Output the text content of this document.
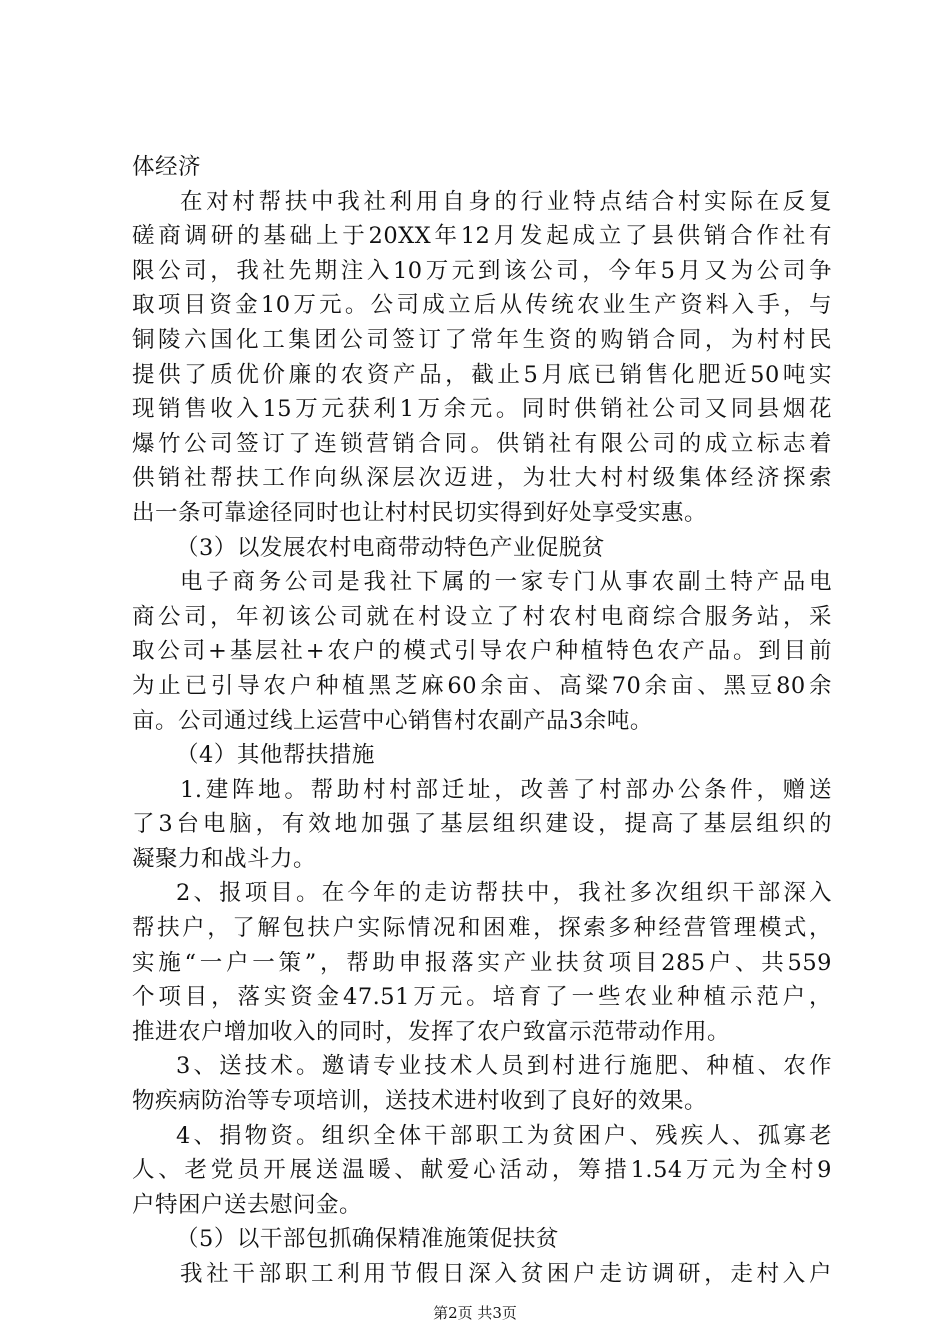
体经济
在对村帮扶中我社利用自身的行业特点结合村实际在反复
磋商调研的基础上于20XX年12月发起成立了县供销合作社有
限公司，我社先期注入10万元到该公司，今年5月又为公司争
取项目资金10万元。公司成立后从传统农业生产资料入手，与
铜陵六国化工集团公司签订了常年生资的购销合同，为村村民
提供了质优价廉的农资产品，截止5月底已销售化肥近50吨实
现销售收入15万元获利1万余元。同时供销社公司又同县烟花
爆竹公司签订了连锁营销合同。供销社有限公司的成立标志着
供销社帮扶工作向纵深层次迈进，为壮大村村级集体经济探索
出一条可靠途径同时也让村村民切实得到好处享受实惠。
（3）以发展农村电商带动特色产业促脱贫
电子商务公司是我社下属的一家专门从事农副土特产品电
商公司，年初该公司就在村设立了村农村电商综合服务站，采
取公司+基层社+农户的模式引导农户种植特色农产品。到目前
为止已引导农户种植黑芝麻60余亩、高粱70余亩、黑豆80余
亩。公司通过线上运营中心销售村农副产品3余吨。
（4）其他帮扶措施
1.建阵地。帮助村村部迁址，改善了村部办公条件，赠送
了3台电脑，有效地加强了基层组织建设，提高了基层组织的
凝聚力和战斗力。
2、报项目。在今年的走访帮扶中，我社多次组织干部深入
帮扶户，了解包扶户实际情况和困难，探索多种经营管理模式，
实施“一户一策”，帮助申报落实产业扶贫项目285户、共559
个项目，落实资金47.51万元。培育了一些农业种植示范户，
推进农户增加收入的同时，发挥了农户致富示范带动作用。
3、送技术。邀请专业技术人员到村进行施肥、种植、农作
物疾病防治等专项培训，送技术进村收到了良好的效果。
4、捐物资。组织全体干部职工为贫困户、残疾人、孤寡老
人、老党员开展送温暖、献爱心活动，筹措1.54万元为全村9
户特困户送去慰问金。
（5）以干部包抓确保精准施策促扶贫
我社干部职工利用节假日深入贫困户走访调研，走村入户
第2页 共3页
